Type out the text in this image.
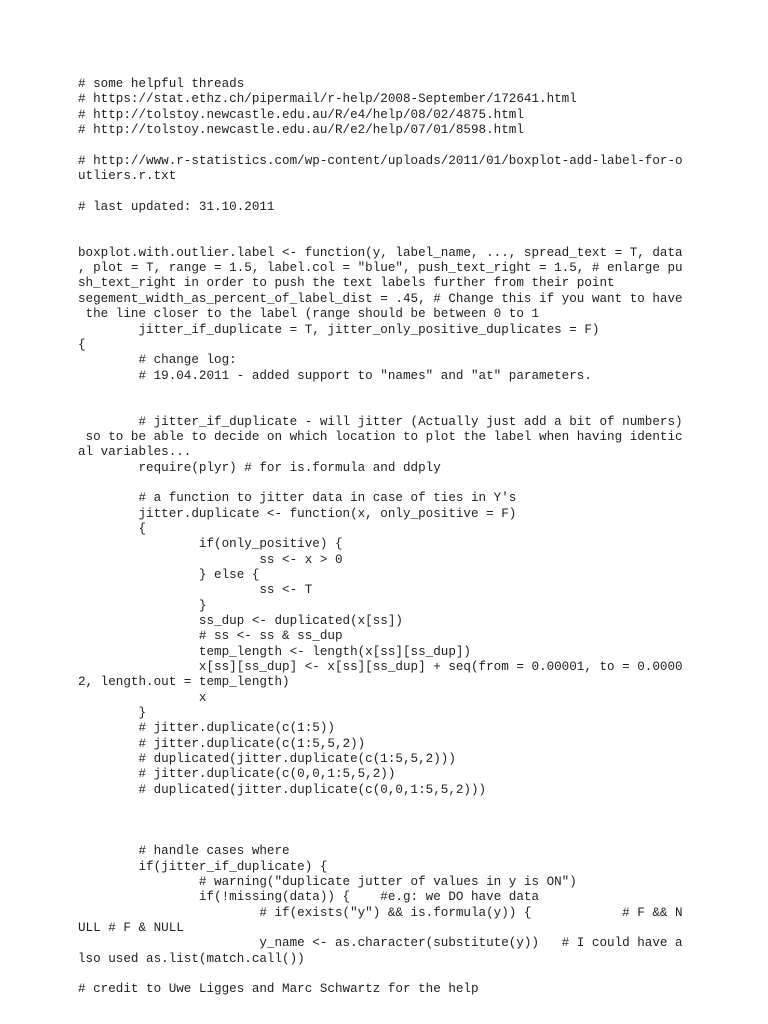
# some helpful threads
# https://stat.ethz.ch/pipermail/r-help/2008-September/172641.html
# http://tolstoy.newcastle.edu.au/R/e4/help/08/02/4875.html
# http://tolstoy.newcastle.edu.au/R/e2/help/07/01/8598.html
# http://www.r-statistics.com/wp-content/uploads/2011/01/boxplot-add-label-for-o
utliers.r.txt
# last updated: 31.10.2011
boxplot.with.outlier.label <- function(y, label_name, ..., spread_text = T, data
, plot = T, range = 1.5, label.col = "blue", push_text_right = 1.5, # enlarge pu
sh_text_right in order to push the text labels further from their point
segement_width_as_percent_of_label_dist = .45, # Change this if you want to have
the line closer to the label (range should be between 0 to 1
jitter_if_duplicate = T, jitter_only_positive_duplicates = F)
{
# change log:
# 19.04.2011 - added support to "names" and "at" parameters.
# jitter_if_duplicate - will jitter (Actually just add a bit of numbers)
so to be able to decide on which location to plot the label when having identic
al variables...
require(plyr) # for is.formula and ddply
# a function to jitter data in case of ties in Y's
jitter.duplicate <- function(x, only_positive = F)
{
if(only_positive) {
ss <- x > 0
} else {
ss <- T
}
ss_dup <- duplicated(x[ss])
# ss <- ss & ss_dup
temp_length <- length(x[ss][ss_dup])
x[ss][ss_dup] <- x[ss][ss_dup] + seq(from = 0.00001, to = 0.0000
2, length.out = temp_length)
x
}
# jitter.duplicate(c(1:5))
# jitter.duplicate(c(1:5,5,2))
# duplicated(jitter.duplicate(c(1:5,5,2)))
# jitter.duplicate(c(0,0,1:5,5,2))
# duplicated(jitter.duplicate(c(0,0,1:5,5,2)))
# handle cases where
if(jitter_if_duplicate) {
# warning("duplicate jutter of values in y is ON")
if(!missing(data)) {    #e.g: we DO have data
# if(exists("y") && is.formula(y)) {            # F && N
ULL # F & NULL
y_name <- as.character(substitute(y))   # I could have a
lso used as.list(match.call())
# credit to Uwe Ligges and Marc Schwartz for the help
